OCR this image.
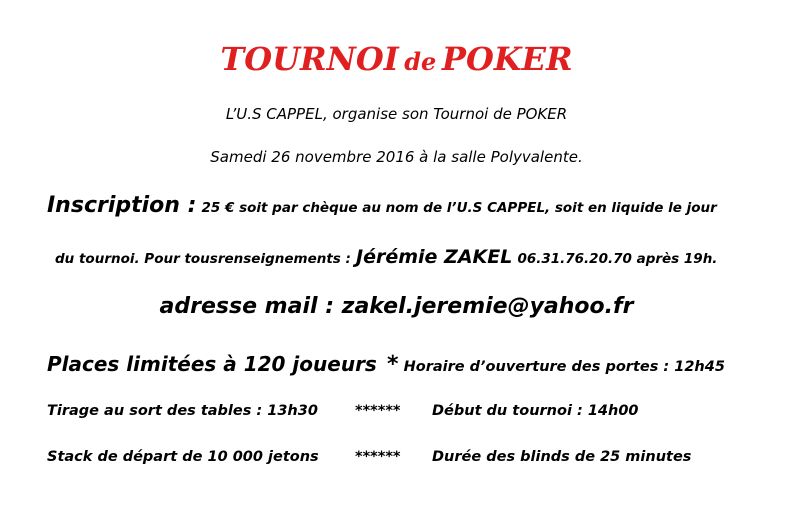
TOURNOI de POKER
L’U.S CAPPEL, organise son Tournoi de POKER
Samedi 26 novembre 2016 à la salle Polyvalente.
Inscription : 25 € soit par chèque au nom de l’U.S CAPPEL, soit en liquide le jour
du tournoi. Pour tousrenseignements : Jérémie ZAKEL 06.31.76.20.70 après 19h.
adresse mail : zakel.jeremie@yahoo.fr
Places limitées à 120 joueurs * Horaire d’ouverture des portes : 12h45
Tirage au sort des tables : 13h30	****** Début du tournoi : 14h00
Stack de départ de 10 000 jetons	****** Durée des blinds de 25 minutes
